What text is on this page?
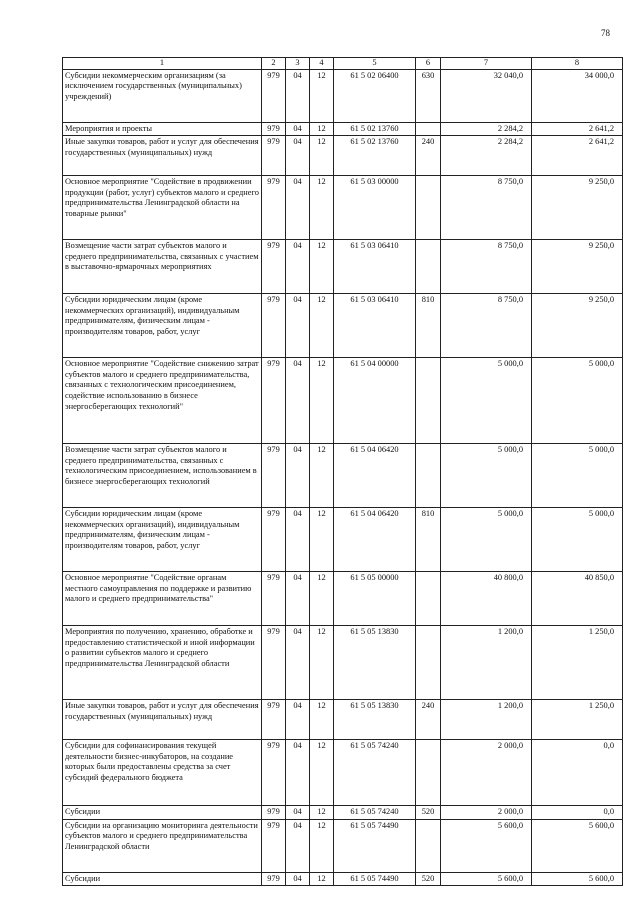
78
1	2	3	4	5	6	7	8
Субсидии некоммерческим организациям (за исключением государственных (муниципальных) учреждений)	979	04	12	61 5 02 06400	630	32 040,0	34 000,0
Мероприятия и проекты	979	04	12	61 5 02 13760		2 284,2	2 641,2
Иные закупки товаров, работ и услуг для обеспечения государственных (муниципальных) нужд	979	04	12	61 5 02 13760	240	2 284,2	2 641,2
Основное мероприятие "Содействие в продвижении продукции (работ, услуг) субъектов малого и среднего предпринимательства Ленинградской области на товарные рынки"	979	04	12	61 5 03 00000		8 750,0	9 250,0
Возмещение части затрат субъектов малого и среднего предпринимательства, связанных с участием в выставочно-ярмарочных мероприятиях	979	04	12	61 5 03 06410		8 750,0	9 250,0
Субсидии юридическим лицам (кроме некоммерческих организаций), индивидуальным предпринимателям, физическим лицам - производителям товаров, работ, услуг	979	04	12	61 5 03 06410	810	8 750,0	9 250,0
Основное мероприятие "Содействие снижению затрат субъектов малого и среднего предпринимательства, связанных с технологическим присоединением, содействие использованию в бизнесе энергосберегающих технологий"	979	04	12	61 5 04 00000		5 000,0	5 000,0
Возмещение части затрат субъектов малого и среднего предпринимательства, связанных с технологическим присоединением, использованием в бизнесе энергосберегающих технологий	979	04	12	61 5 04 06420		5 000,0	5 000,0
Субсидии юридическим лицам (кроме некоммерческих организаций), индивидуальным предпринимателям, физическим лицам - производителям товаров, работ, услуг	979	04	12	61 5 04 06420	810	5 000,0	5 000,0
Основное мероприятие "Содействие органам местного самоуправления по поддержке и развитию малого и среднего предпринимательства"	979	04	12	61 5 05 00000		40 800,0	40 850,0
Мероприятия по получению, хранению, обработке и предоставлению статистической и иной информации о развитии субъектов малого и среднего предпринимательства Ленинградской области	979	04	12	61 5 05 13830		1 200,0	1 250,0
Иные закупки товаров, работ и услуг для обеспечения государственных (муниципальных) нужд	979	04	12	61 5 05 13830	240	1 200,0	1 250,0
Субсидии для софинансирования текущей деятельности бизнес-инкубаторов, на создание которых были предоставлены средства за счет субсидий федерального бюджета	979	04	12	61 5 05 74240		2 000,0	0,0
Субсидии	979	04	12	61 5 05 74240	520	2 000,0	0,0
Субсидии на организацию мониторинга деятельности субъектов малого и среднего предпринимательства Ленинградской области	979	04	12	61 5 05 74490		5 600,0	5 600,0
Субсидии	979	04	12	61 5 05 74490	520	5 600,0	5 600,0
